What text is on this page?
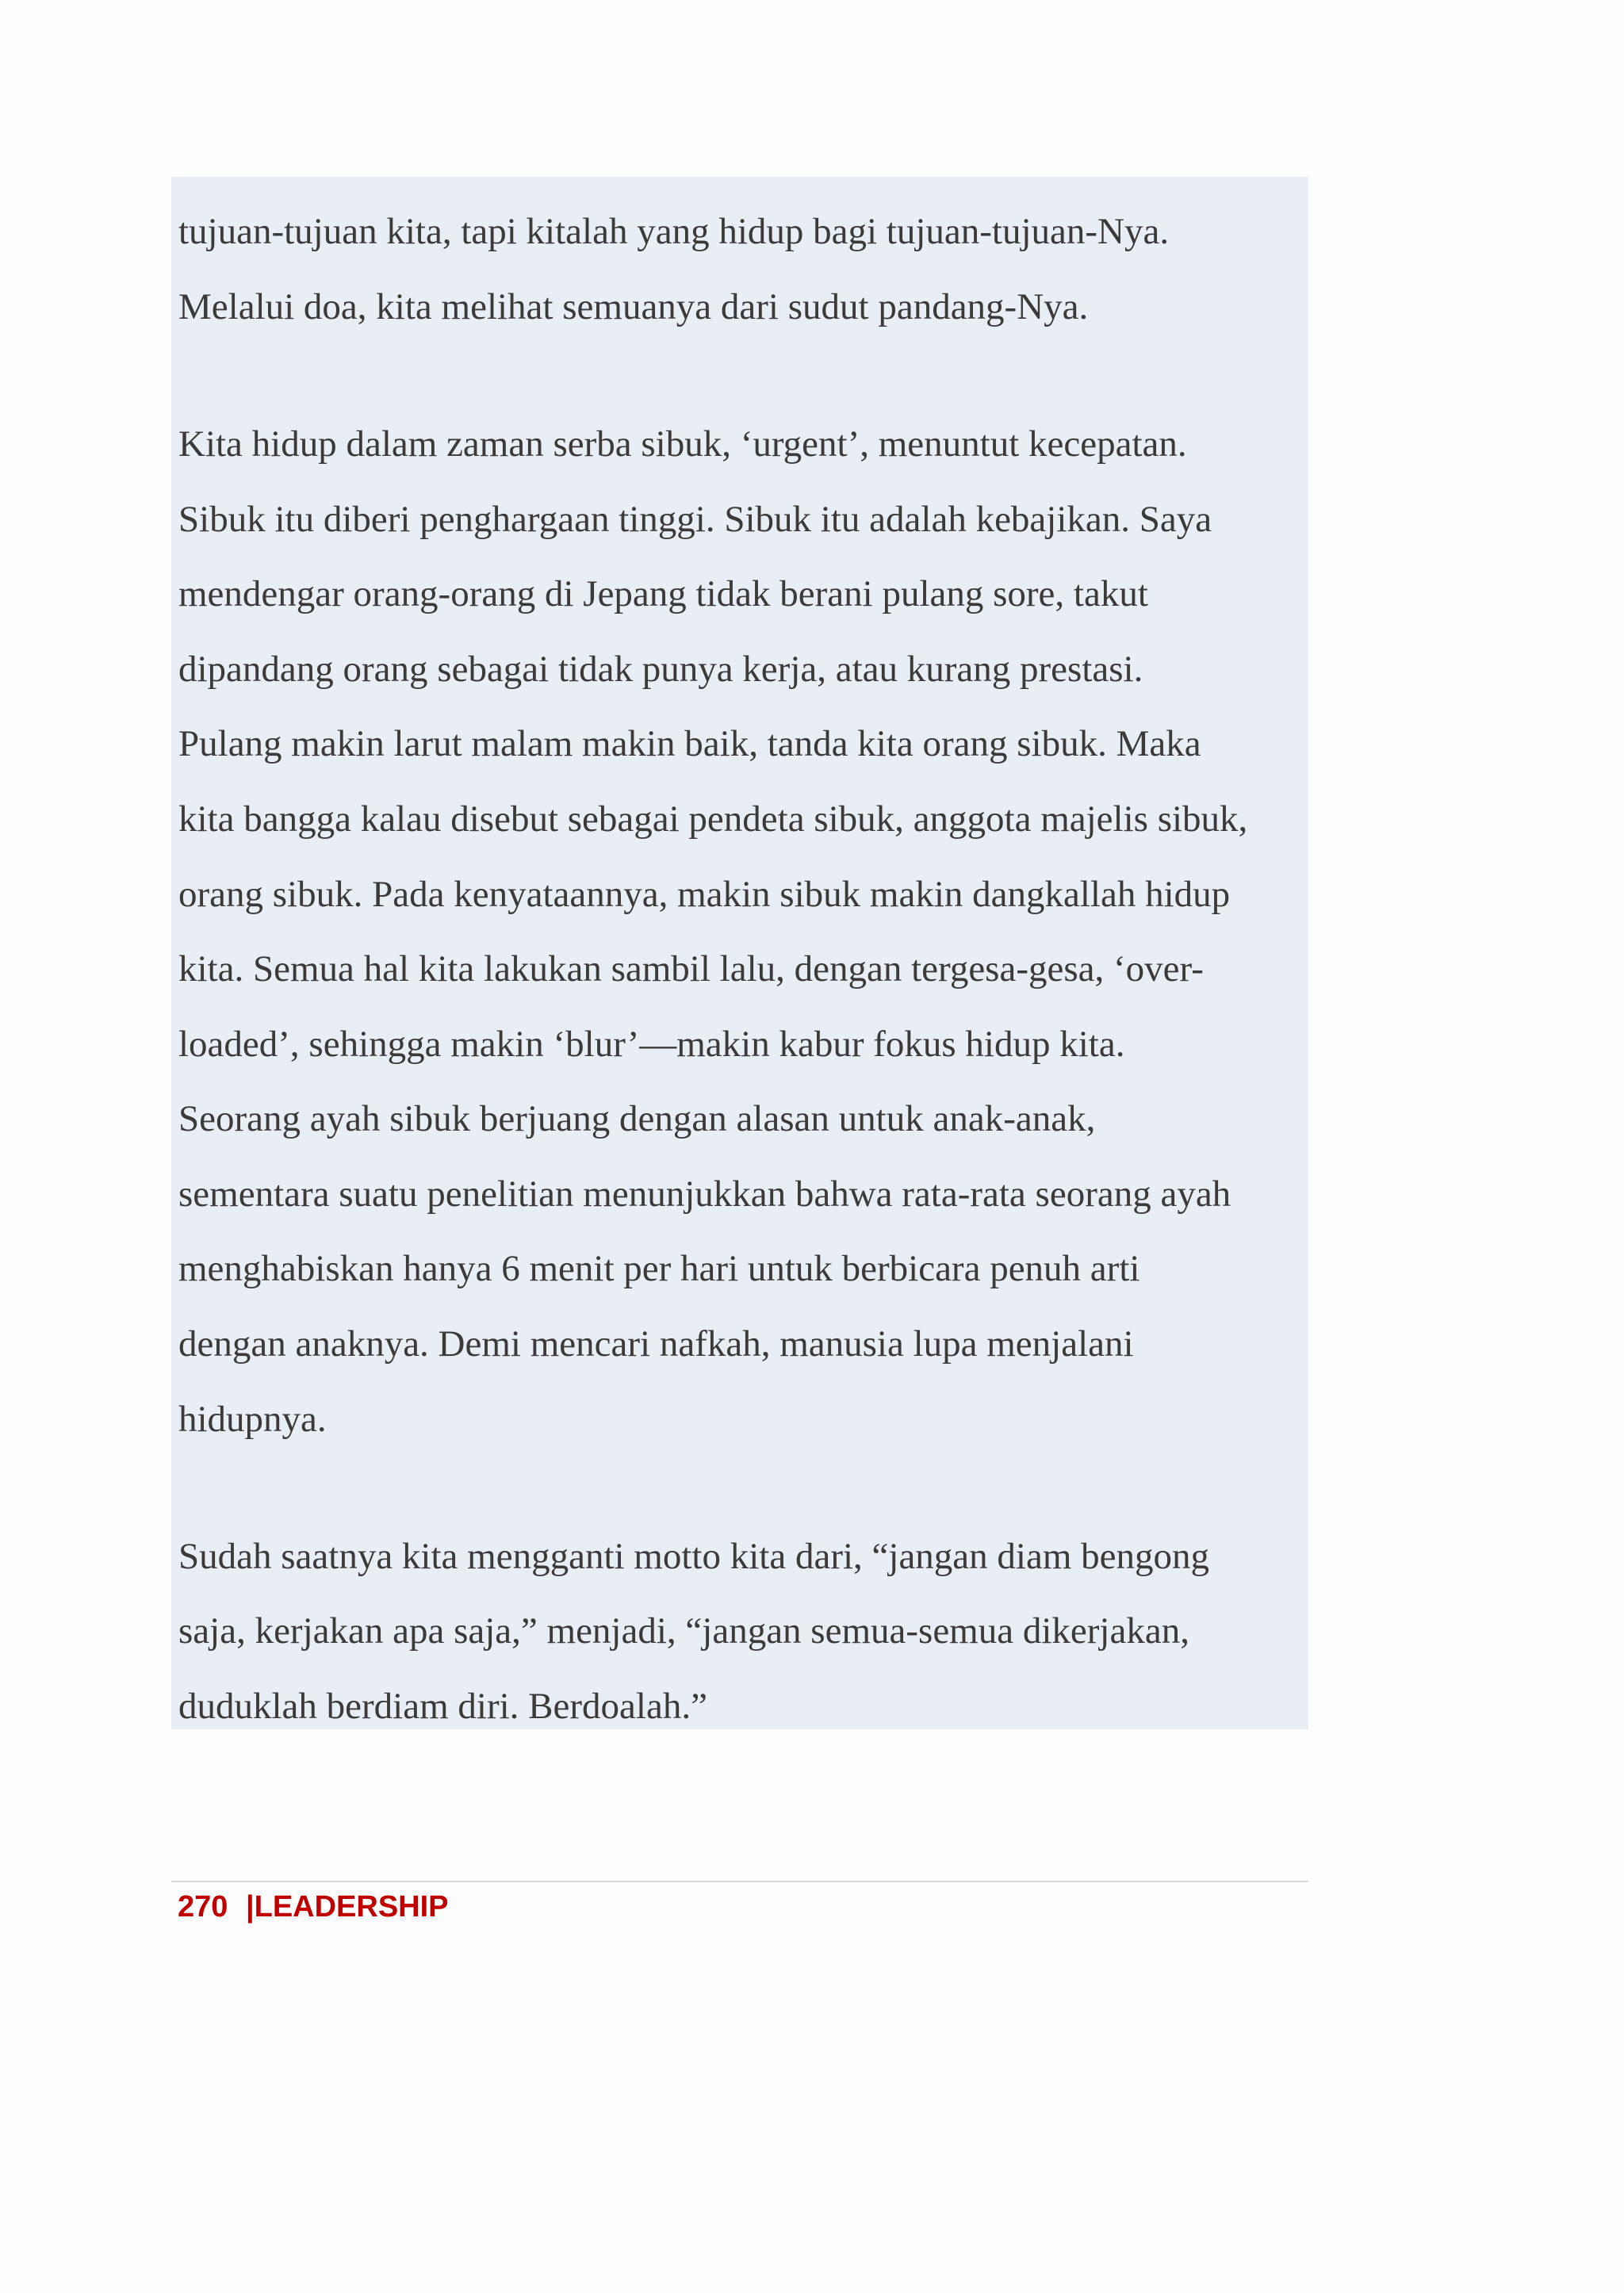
tujuan-tujuan kita, tapi kitalah yang hidup bagi tujuan-tujuan-Nya.

Melalui doa, kita melihat semuanya dari sudut pandang-Nya.

Kita hidup dalam zaman serba sibuk, ‘urgent’, menuntut kecepatan.

Sibuk itu diberi penghargaan tinggi. Sibuk itu adalah kebajikan. Saya

mendengar orang-orang di Jepang tidak berani pulang sore, takut

dipandang orang sebagai tidak punya kerja, atau kurang prestasi.

Pulang makin larut malam makin baik, tanda kita orang sibuk. Maka

kita bangga kalau disebut sebagai pendeta sibuk, anggota majelis sibuk,

orang sibuk. Pada kenyataannya, makin sibuk makin dangkallah hidup

kita. Semua hal kita lakukan sambil lalu, dengan tergesa-gesa, ‘over-

loaded’, sehingga makin ‘blur’—makin kabur fokus hidup kita.

Seorang ayah sibuk berjuang dengan alasan untuk anak-anak,

sementara suatu penelitian menunjukkan bahwa rata-rata seorang ayah

menghabiskan hanya 6 menit per hari untuk berbicara penuh arti

dengan anaknya. Demi mencari nafkah, manusia lupa menjalani

hidupnya.

Sudah saatnya kita mengganti motto kita dari, “jangan diam bengong

saja, kerjakan apa saja,” menjadi, “jangan semua-semua dikerjakan,

duduklah berdiam diri. Berdoalah.”

270 |LEADERSHIP
